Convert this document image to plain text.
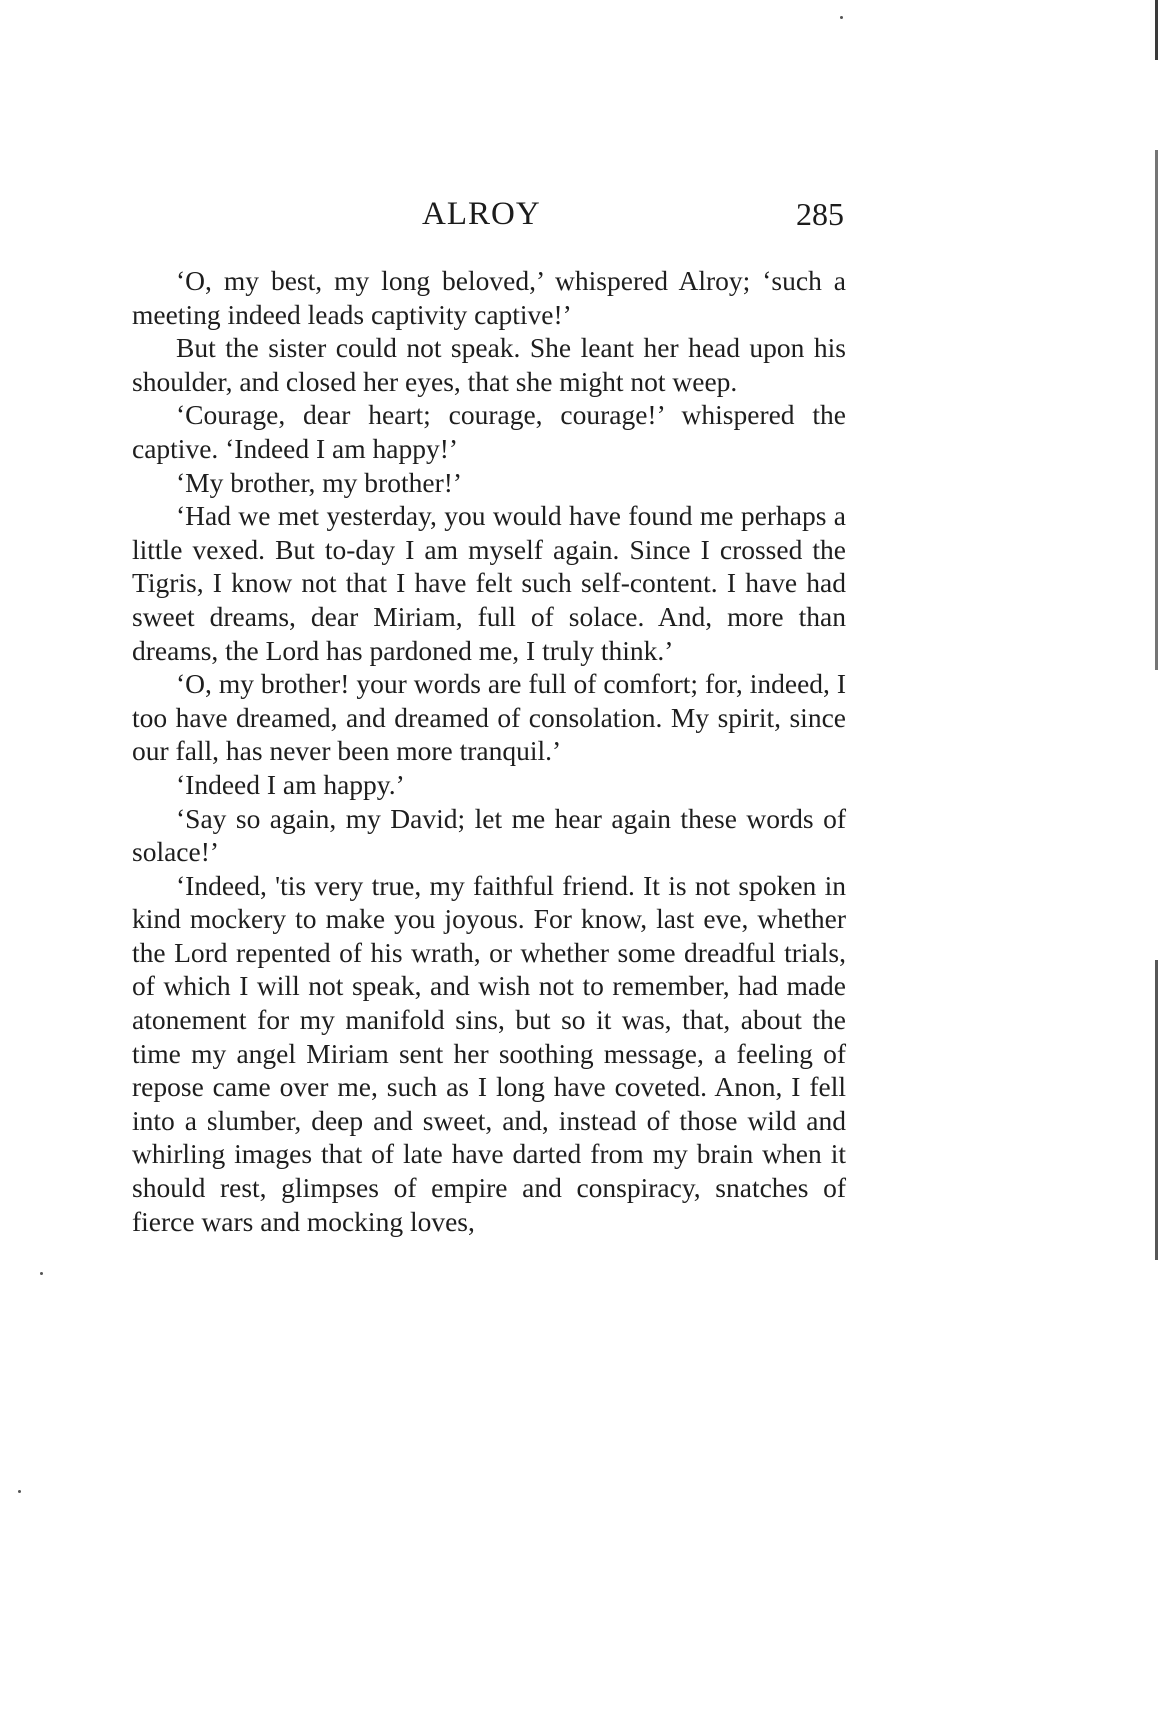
ALROY	285

‘O, my best, my long beloved,’ whispered Alroy; ‘such a meeting indeed leads captivity captive!’

But the sister could not speak. She leant her head upon his shoulder, and closed her eyes, that she might not weep.

‘Courage, dear heart; courage, courage!’ whispered the captive. ‘Indeed I am happy!’

‘My brother, my brother!’

‘Had we met yesterday, you would have found me perhaps a little vexed. But to-day I am myself again. Since I crossed the Tigris, I know not that I have felt such self-content. I have had sweet dreams, dear Miriam, full of solace. And, more than dreams, the Lord has pardoned me, I truly think.’

‘O, my brother! your words are full of comfort; for, indeed, I too have dreamed, and dreamed of consolation. My spirit, since our fall, has never been more tranquil.’

‘Indeed I am happy.’

‘Say so again, my David; let me hear again these words of solace!’

‘Indeed, 'tis very true, my faithful friend. It is not spoken in kind mockery to make you joyous. For know, last eve, whether the Lord repented of his wrath, or whether some dreadful trials, of which I will not speak, and wish not to remember, had made atonement for my manifold sins, but so it was, that, about the time my angel Miriam sent her soothing message, a feeling of repose came over me, such as I long have coveted. Anon, I fell into a slumber, deep and sweet, and, instead of those wild and whirling images that of late have darted from my brain when it should rest, glimpses of empire and conspiracy, snatches of fierce wars and mocking loves,
